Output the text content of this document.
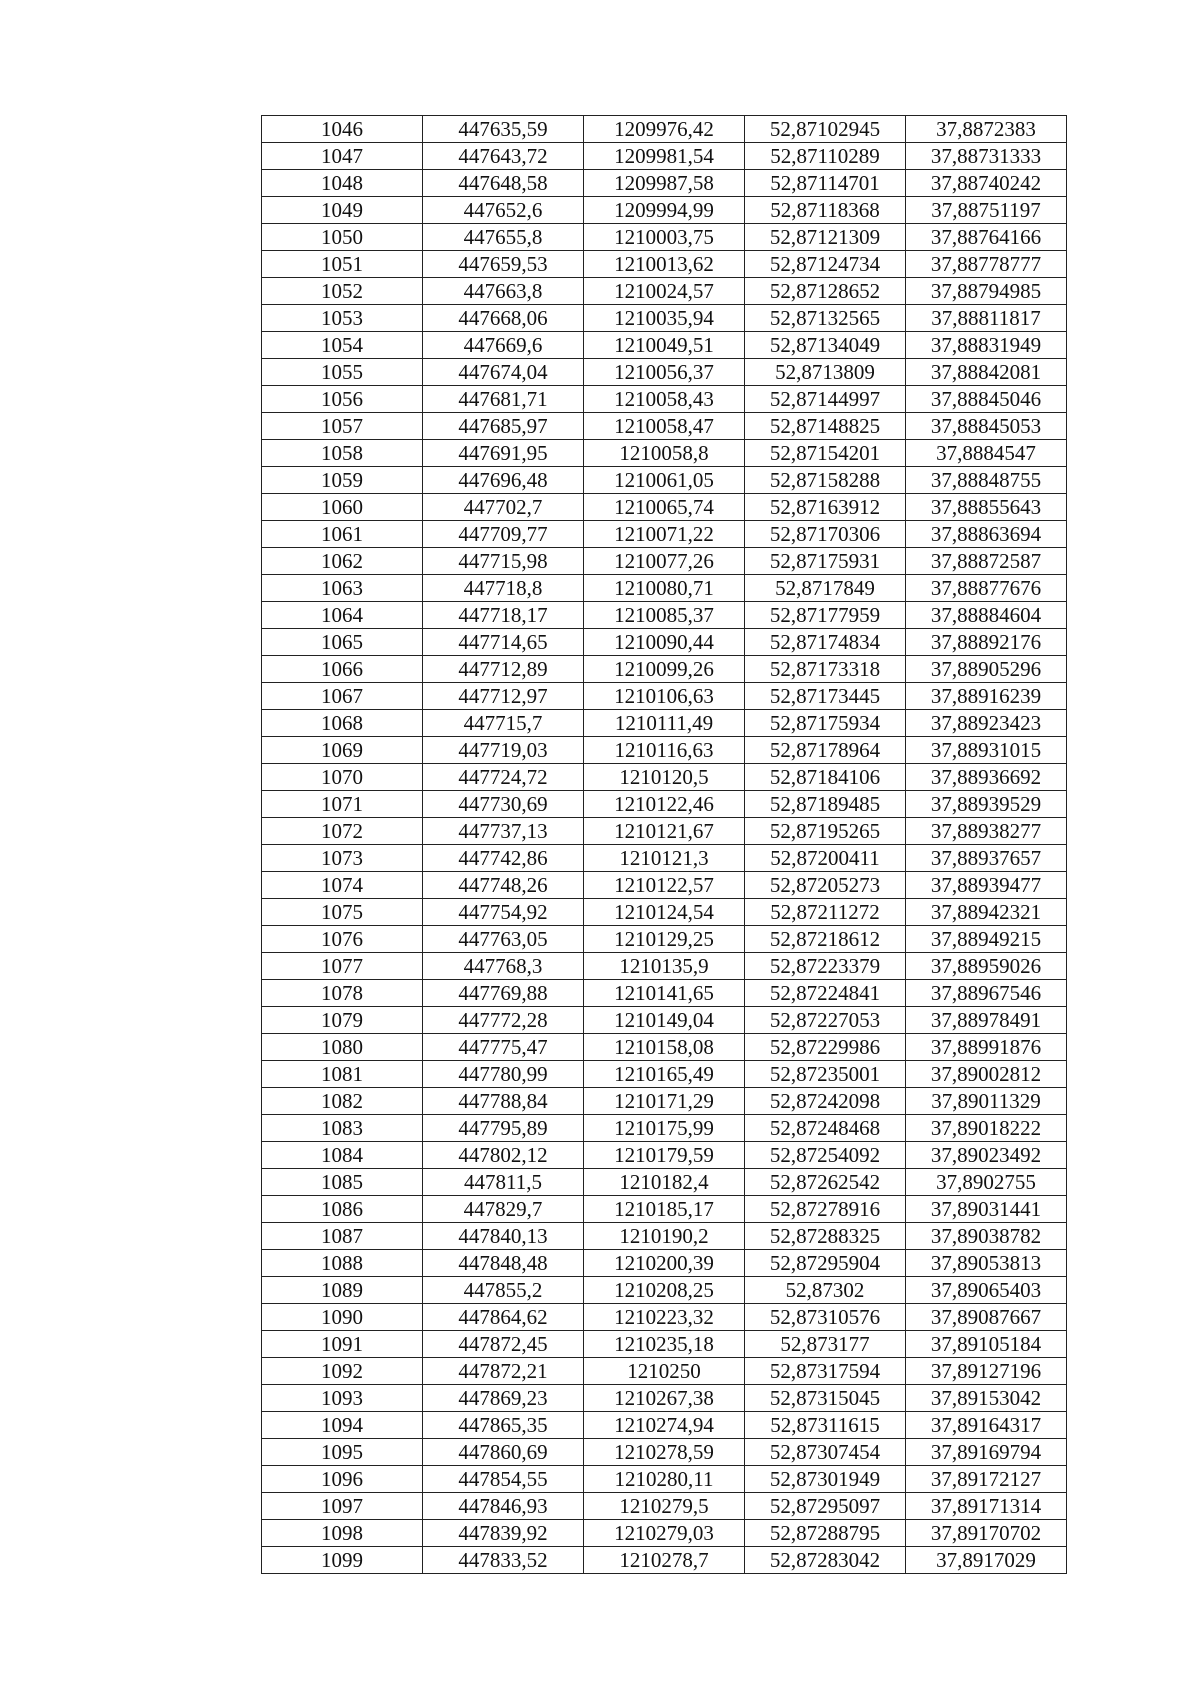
1046	447635,59	1209976,42	52,87102945	37,8872383
1047	447643,72	1209981,54	52,87110289	37,88731333
1048	447648,58	1209987,58	52,87114701	37,88740242
1049	447652,6	1209994,99	52,87118368	37,88751197
1050	447655,8	1210003,75	52,87121309	37,88764166
1051	447659,53	1210013,62	52,87124734	37,88778777
1052	447663,8	1210024,57	52,87128652	37,88794985
1053	447668,06	1210035,94	52,87132565	37,88811817
1054	447669,6	1210049,51	52,87134049	37,88831949
1055	447674,04	1210056,37	52,8713809	37,88842081
1056	447681,71	1210058,43	52,87144997	37,88845046
1057	447685,97	1210058,47	52,87148825	37,88845053
1058	447691,95	1210058,8	52,87154201	37,8884547
1059	447696,48	1210061,05	52,87158288	37,88848755
1060	447702,7	1210065,74	52,87163912	37,88855643
1061	447709,77	1210071,22	52,87170306	37,88863694
1062	447715,98	1210077,26	52,87175931	37,88872587
1063	447718,8	1210080,71	52,8717849	37,88877676
1064	447718,17	1210085,37	52,87177959	37,88884604
1065	447714,65	1210090,44	52,87174834	37,88892176
1066	447712,89	1210099,26	52,87173318	37,88905296
1067	447712,97	1210106,63	52,87173445	37,88916239
1068	447715,7	1210111,49	52,87175934	37,88923423
1069	447719,03	1210116,63	52,87178964	37,88931015
1070	447724,72	1210120,5	52,87184106	37,88936692
1071	447730,69	1210122,46	52,87189485	37,88939529
1072	447737,13	1210121,67	52,87195265	37,88938277
1073	447742,86	1210121,3	52,87200411	37,88937657
1074	447748,26	1210122,57	52,87205273	37,88939477
1075	447754,92	1210124,54	52,87211272	37,88942321
1076	447763,05	1210129,25	52,87218612	37,88949215
1077	447768,3	1210135,9	52,87223379	37,88959026
1078	447769,88	1210141,65	52,87224841	37,88967546
1079	447772,28	1210149,04	52,87227053	37,88978491
1080	447775,47	1210158,08	52,87229986	37,88991876
1081	447780,99	1210165,49	52,87235001	37,89002812
1082	447788,84	1210171,29	52,87242098	37,89011329
1083	447795,89	1210175,99	52,87248468	37,89018222
1084	447802,12	1210179,59	52,87254092	37,89023492
1085	447811,5	1210182,4	52,87262542	37,8902755
1086	447829,7	1210185,17	52,87278916	37,89031441
1087	447840,13	1210190,2	52,87288325	37,89038782
1088	447848,48	1210200,39	52,87295904	37,89053813
1089	447855,2	1210208,25	52,87302	37,89065403
1090	447864,62	1210223,32	52,87310576	37,89087667
1091	447872,45	1210235,18	52,873177	37,89105184
1092	447872,21	1210250	52,87317594	37,89127196
1093	447869,23	1210267,38	52,87315045	37,89153042
1094	447865,35	1210274,94	52,87311615	37,89164317
1095	447860,69	1210278,59	52,87307454	37,89169794
1096	447854,55	1210280,11	52,87301949	37,89172127
1097	447846,93	1210279,5	52,87295097	37,89171314
1098	447839,92	1210279,03	52,87288795	37,89170702
1099	447833,52	1210278,7	52,87283042	37,8917029
